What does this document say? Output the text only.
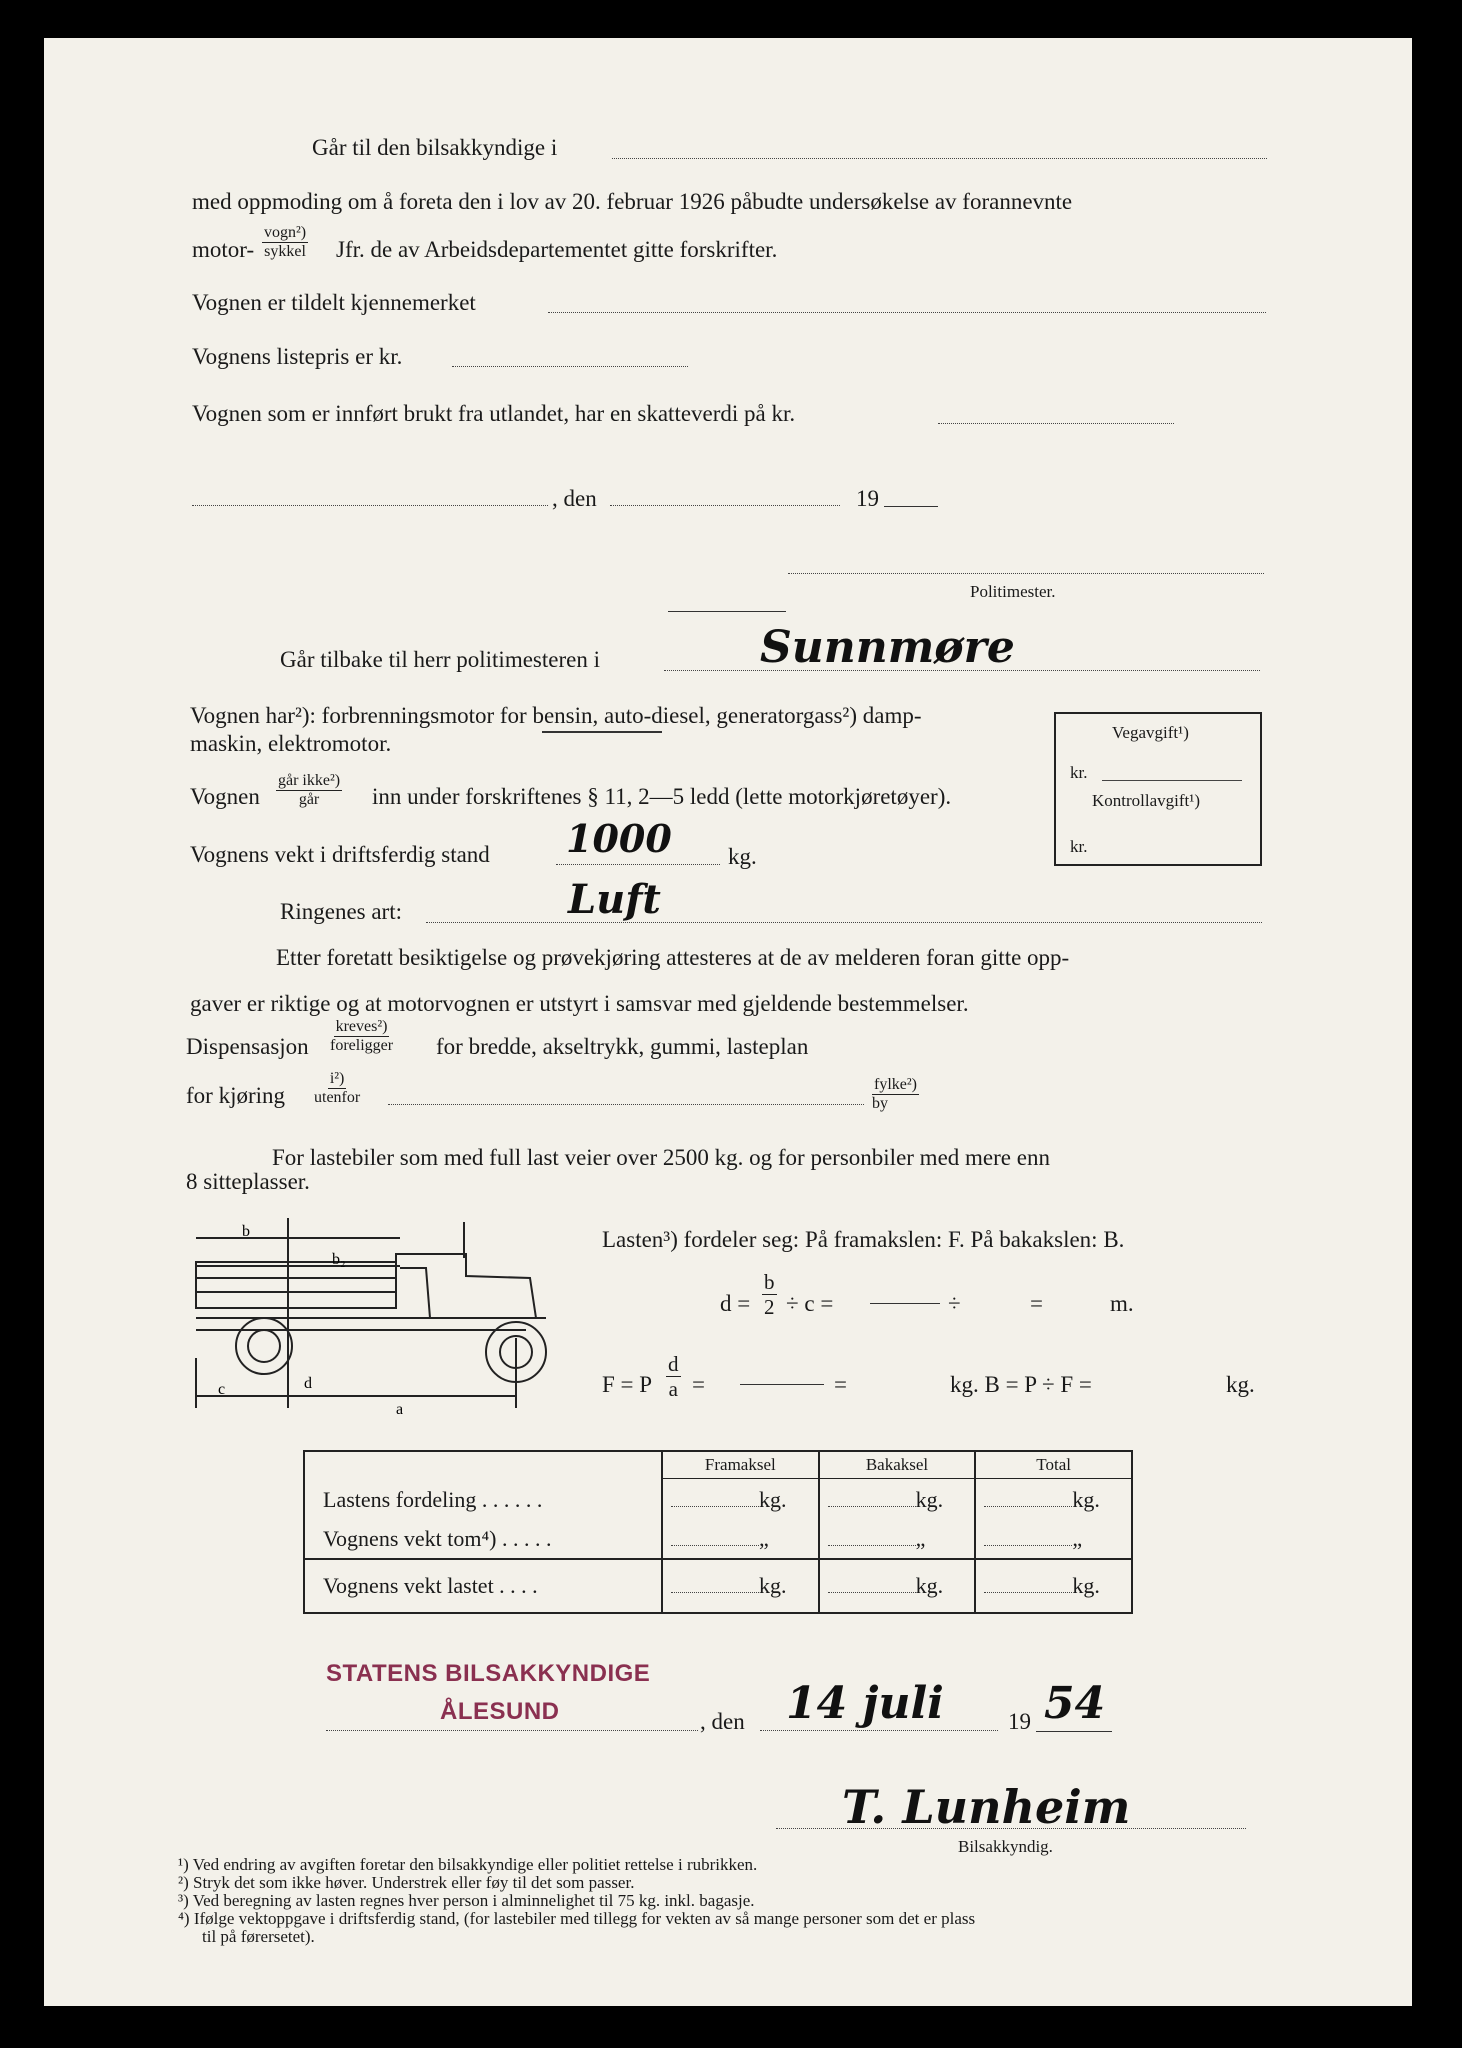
Går til den bilsakkyndige i
med oppmoding om å foreta den i lov av 20. februar 1926 påbudte undersøkelse av forannevnte
motor-
vogn²)
sykkel Jfr. de av Arbeidsdepartementet gitte forskrifter.
Vognen er tildelt kjennemerket
Vognens listepris er kr.
Vognen som er innført brukt fra utlandet, har en skatteverdi på kr.
, den	19
Politimester.
Går tilbake til herr politimesteren i	Sunnmøre
Vognen har²): forbrenningsmotor for bensin, auto-diesel, generatorgass²) damp-
maskin, elektromotor.
Vognen
går ikke²)
går inn under forskriftenes § 11, 2—5 ledd (lette motorkjøretøyer).
Vognens vekt i driftsferdig stand 1000 kg.
Ringenes art:	Luft
Etter foretatt besiktigelse og prøvekjøring attesteres at de av melderen foran gitte opp-
gaver er riktige og at motorvognen er utstyrt i samsvar med gjeldende bestemmelser.
Dispensasjon
kreves²)
foreligger for bredde, akseltrykk, gummi, lasteplan
for kjøring
i²)
utenfor
fylke²)
by
For lastebiler som med full last veier over 2500 kg. og for personbiler med mere enn
8 sitteplasser.
Vegavgift¹)
kr.
Kontrollavgift¹)
kr.
b
b₂
c	d
a
Lasten³) fordeler seg: På framakslen: F. På bakakslen: B.
$d = \frac{b}{2} \div c$ =	÷	=	m.
F = P $\frac{d}{a}$ =	=	kg. B = P ÷ F =	kg.
	Framaksel	Bakaksel	Total
Lastens fordeling . . . . . .	kg.	kg.	kg.
Vognens vekt tom⁴) . . . . .	„	„	„
Vognens vekt lastet . . . .	kg.	kg.	kg.
STATENS BILSAKKYNDIGE
ÅLESUND	, den 14 juli	19 54
T. Lunheim
Bilsakkyndig.
¹) Ved endring av avgiften foretar den bilsakkyndige eller politiet rettelse i rubrikken.
²) Stryk det som ikke høver. Understrek eller føy til det som passer.
³) Ved beregning av lasten regnes hver person i alminnelighet til 75 kg. inkl. bagasje.
⁴) Ifølge vektoppgave i driftsferdig stand, (for lastebiler med tillegg for vekten av så mange personer som det er plass
til på førersetet).
